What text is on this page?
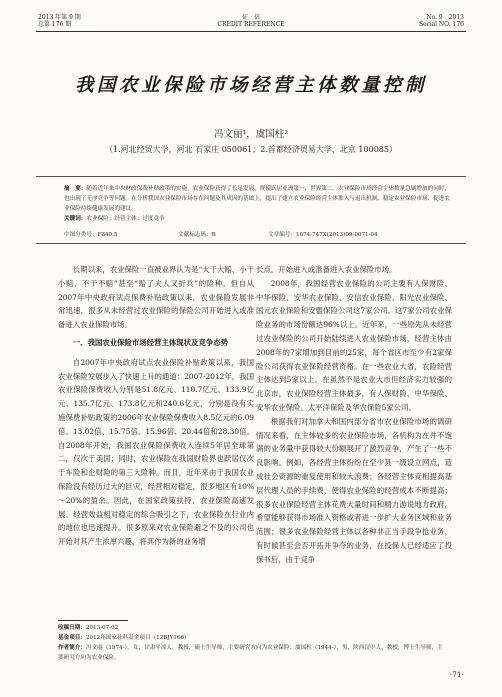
2013 年第 9 期
总第 176 期
征　信
CREDIT REFERENCE
No. 9　2013
Serial NO. 176
我国农业保险市场经营主体数量控制
冯文丽¹，虞国柱²
（1.河北经贸大学，河北 石家庄 050061；2.首都经济贸易大学，北京 100085）
摘　要：随着近年来中央财政保费补贴政策的实施，农业保险获得了长足发展，规模跃居亚洲第一、世界第二。农业保险市场经营主体数量急剧增加的同时，也出现了无序竞争等问题。在分析我国农业保险市场存在问题及其成因的基础上，提出了建立农业保险经营主体准入与退出机制、稳定农业保险市场、促进农业保险持续健康发展的建议。
关键词：农业保险；经营主体；过度竞争
中图分类号：F840.5	文献标志码：B	文章编号：1674-747X(2013)09-0071-04

长期以来，农业保险一直被业界认为是“大干大赔、小干小赔、不干不赔”甚至“赔了夫人又折兵”的险种。但自从2007年中央政府试点保费补贴政策以来，农业保险发展非常迅速，很多从未经营过农业保险的保险公司开始进入或准备进入农业保险市场。

一、我国农业保险市场经营主体现状及竞争态势

自2007年中央政府试点农业保险补贴政策以来，我国农业保险发展步入了快速上升的通道：2007-2012年，我国农业保险保费收入分别是51.8亿元、110.7亿元、133.9亿元、135.7亿元、173.8亿元和240.6亿元，分别是没有实施保费补贴政策的2006年农业保险保费收入8.5亿元的6.09倍、13.02倍、15.75倍、15.96倍、20.44倍和28.30倍。自2008年开始，我国农业保险保费收入连续5年居全球第二，仅次于美国；同时，农业保险在我国财险界也跃居仅次于车险和企财险的第三大险种。而且，近年来由于我国农业保险没有经历过大的巨灾，经营相对稳定，很多地区有10%～20%的盈余。因此，在国家政策扶持、农业保险高速发展、经营效益相对稳定的综合吸引之下，农业保险在行业内的地位也迅速提升。很多原来对农业保险避之不及的公司也开始对其产生浓厚兴趣，将其作为新的业务增

长点，开始进入或准备进入农业保险市场。

2008年，我国经营农业保险的公司主要有人保财险、中华保险、安华农业保险、安信农业保险、阳光农业保险、国元农业保险和安盟保险公司这7家公司。这7家公司农业保险业务的市场份额达96%以上。近年来，一些原先从未经营过农业保险的公司开始陆续进入农业保险市场，经营主体由2008年的7家增加到目前的25家，每个省区市至少有2家保险公司获得农业保险经营资格。在一些农业大省，农险经营主体达到5家以上。在虽然不是农业大市但经济实力较强的北京市，农业保险经营主体最多，有人保财险、中华保险、安华农业保险、太平洋保险及华农保险5家公司。

根据我们对加拿大和国内部分省市农业保险市场的调研情况来看，在主体较多的农业保险市场，各机构为在并不饱满的业务量中获得较大份额展开了激烈竞争，产生了一些不良影响。例如，各经营主体纷纷在至少县一级设立网点，造成社会资源的重复使用和较大浪费；各经营主体竞相提高基层代理人员的手续费，使得农业保险的经营成本不断提高；很多农业保险经营主体花费大量时间和精力游说地方政府，希望能够获得市场准入资格或者进一步扩大业务区域和业务范围；很多农业保险经营主体以各种非正当手段争抢业务，有时候甚至会否开拓并争夺的业务，在投保人已经适应了投保书后，由于竞争

收稿日期：2013-07-02
基金项目：2012年国家社科基金项目（12BJY166）
作者简介：冯文丽（1974-），女，甘肃平凉人，教授，硕士生导师，主要研究方向为农业保险；虞国柱（1944-），男，陕西汉中人，教授，博士生导师，主要研究方向为农业保险。
·71·
